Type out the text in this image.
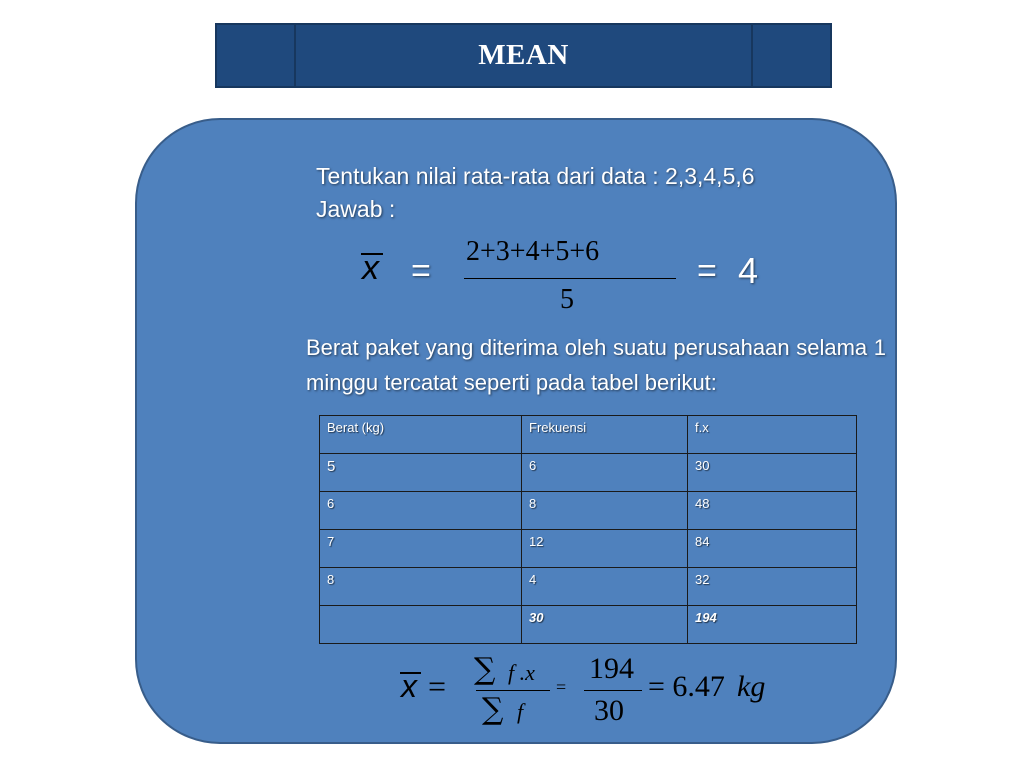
MEAN
Tentukan nilai rata-rata dari data : 2,3,4,5,6
Jawab :
x =
2+3+4+5+6
5
= 4
Berat paket yang diterima oleh suatu perusahaan selama 1 minggu tercatat seperti pada tabel berikut:
Berat (kg)	Frekuensi	f.x
5	6	30
6	8	48
7	12	84
8	4	32
	30	194
x = ∑ f .x
∑ f
=
194
30
= 6.47 kg
